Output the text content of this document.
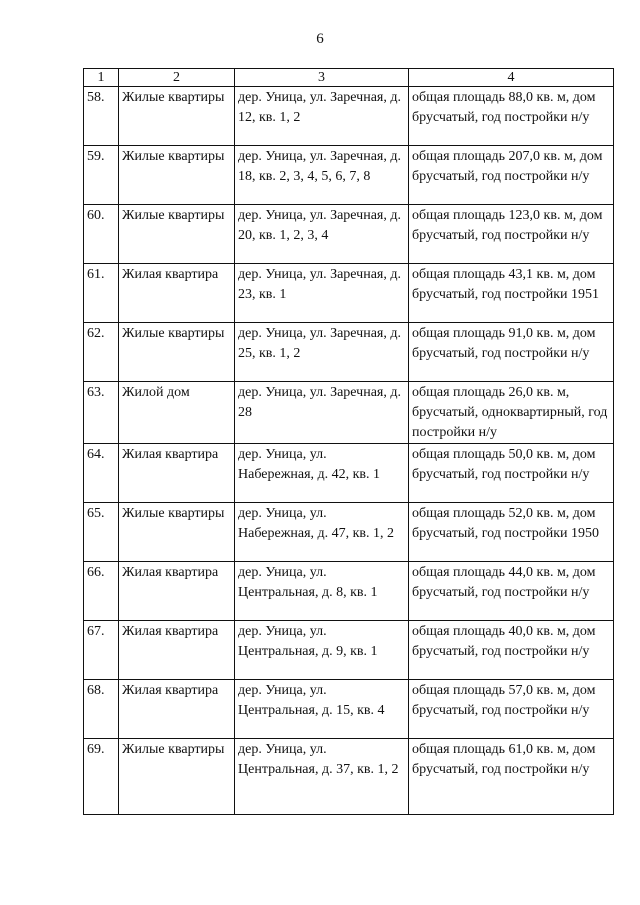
6
1	2	3	4
58.	Жилые квартиры	дер. Уница, ул. Заречная, д. 12, кв. 1, 2	общая площадь 88,0 кв. м, дом брусчатый, год постройки н/у
59.	Жилые квартиры	дер. Уница, ул. Заречная, д. 18, кв. 2, 3, 4, 5, 6, 7, 8	общая площадь 207,0 кв. м, дом брусчатый, год постройки н/у
60.	Жилые квартиры	дер. Уница, ул. Заречная, д. 20, кв. 1, 2, 3, 4	общая площадь 123,0 кв. м, дом брусчатый, год постройки н/у
61.	Жилая квартира	дер. Уница, ул. Заречная, д. 23, кв. 1	общая площадь 43,1 кв. м, дом брусчатый, год постройки 1951
62.	Жилые квартиры	дер. Уница, ул. Заречная, д. 25, кв. 1, 2	общая площадь 91,0 кв. м, дом брусчатый, год постройки н/у
63.	Жилой дом	дер. Уница, ул. Заречная, д. 28	общая площадь 26,0 кв. м, брусчатый, одноквартирный, год постройки н/у
64.	Жилая квартира	дер. Уница, ул. Набережная, д. 42, кв. 1	общая площадь 50,0 кв. м, дом брусчатый, год постройки н/у
65.	Жилые квартиры	дер. Уница, ул. Набережная, д. 47, кв. 1, 2	общая площадь 52,0 кв. м, дом брусчатый, год постройки 1950
66.	Жилая квартира	дер. Уница, ул. Центральная, д. 8, кв. 1	общая площадь 44,0 кв. м, дом брусчатый, год постройки н/у
67.	Жилая квартира	дер. Уница, ул. Центральная, д. 9, кв. 1	общая площадь 40,0 кв. м, дом брусчатый, год постройки н/у
68.	Жилая квартира	дер. Уница, ул. Центральная, д. 15, кв. 4	общая площадь 57,0 кв. м, дом брусчатый, год постройки н/у
69.	Жилые квартиры	дер. Уница, ул. Центральная, д. 37, кв. 1, 2	общая площадь 61,0 кв. м, дом брусчатый, год постройки н/у
